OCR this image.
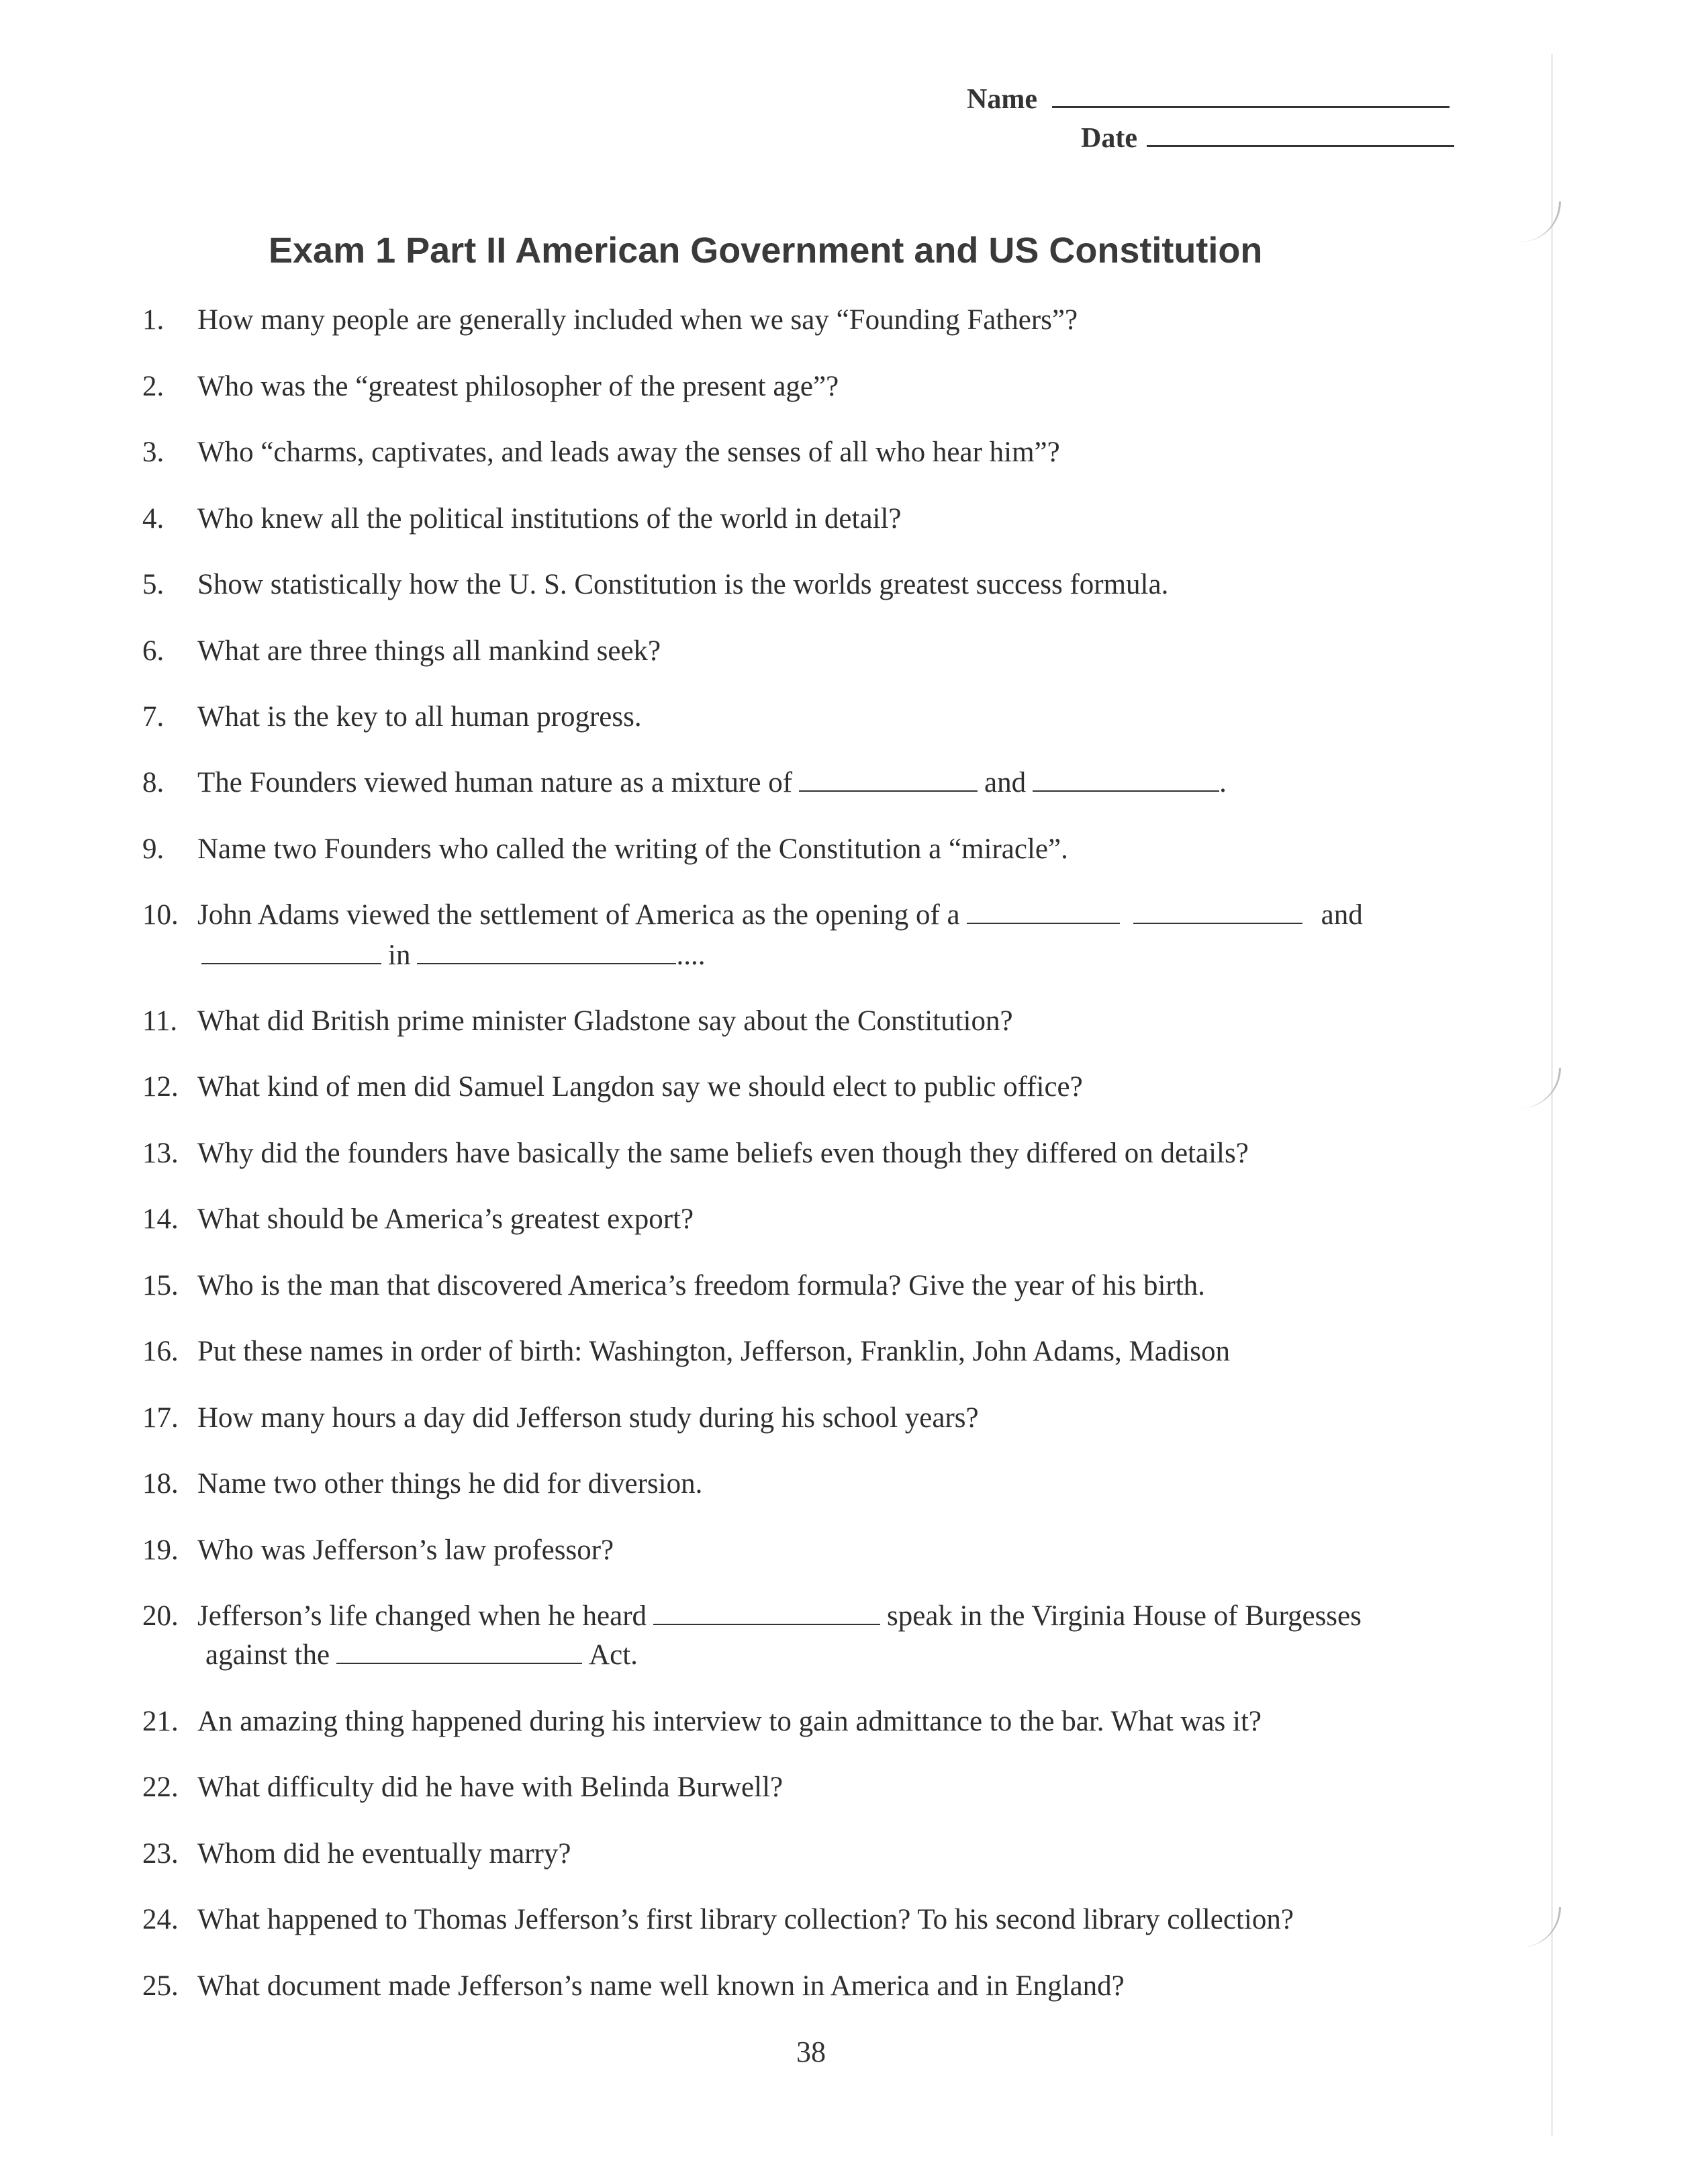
Name
Date
Exam 1 Part II American Government and US Constitution
1. How many people are generally included when we say “Founding Fathers”?
2. Who was the “greatest philosopher of the present age”?
3. Who “charms, captivates, and leads away the senses of all who hear him”?
4. Who knew all the political institutions of the world in detail?
5. Show statistically how the U. S. Constitution is the worlds greatest success formula.
6. What are three things all mankind seek?
7. What is the key to all human progress.
8. The Founders viewed human nature as a mixture of	and	.
9. Name two Founders who called the writing of the Constitution a “miracle”.
10. John Adams viewed the settlement of America as the opening of a	and
in	....
11. What did British prime minister Gladstone say about the Constitution?
12. What kind of men did Samuel Langdon say we should elect to public office?
13. Why did the founders have basically the same beliefs even though they differed on details?
14. What should be America’s greatest export?
15. Who is the man that discovered America’s freedom formula? Give the year of his birth.
16. Put these names in order of birth: Washington, Jefferson, Franklin, John Adams, Madison
17. How many hours a day did Jefferson study during his school years?
18. Name two other things he did for diversion.
19. Who was Jefferson’s law professor?
20. Jefferson’s life changed when he heard	speak in the Virginia House of Burgesses
against the	Act.
21. An amazing thing happened during his interview to gain admittance to the bar. What was it?
22. What difficulty did he have with Belinda Burwell?
23. Whom did he eventually marry?
24. What happened to Thomas Jefferson’s first library collection? To his second library collection?
25. What document made Jefferson’s name well known in America and in England?
38
